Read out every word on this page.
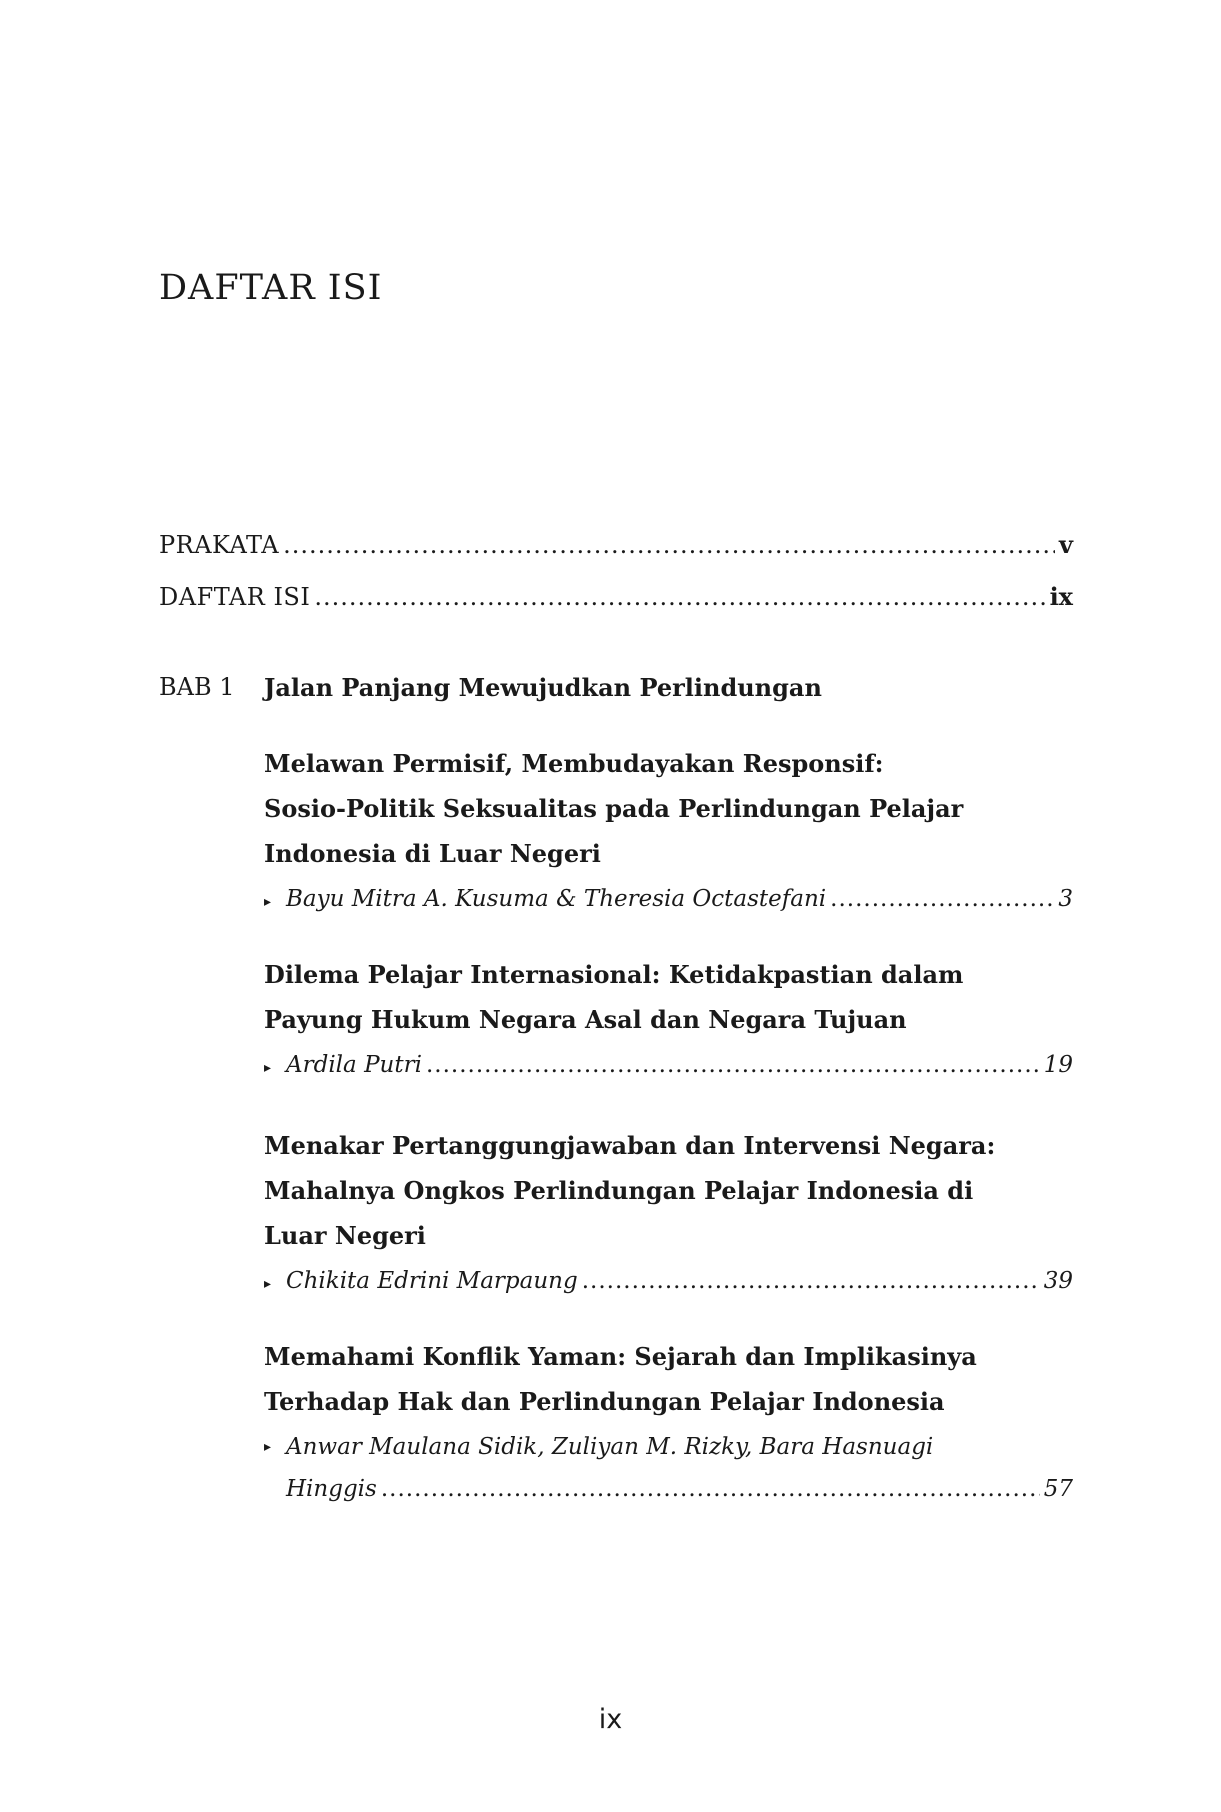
DAFTAR ISI
PRAKATA .....	v
DAFTAR ISI .....	ix
BAB 1	Jalan Panjang Mewujudkan Perlindungan

Melawan Permisif, Membudayakan Responsif:

Sosio-Politik Seksualitas pada Perlindungan Pelajar

Indonesia di Luar Negeri

▸ Bayu Mitra A. Kusuma & Theresia Octastefani .....	3

Dilema Pelajar Internasional: Ketidakpastian dalam

Payung Hukum Negara Asal dan Negara Tujuan

▸ Ardila Putri .....	19

Menakar Pertanggungjawaban dan Intervensi Negara:

Mahalnya Ongkos Perlindungan Pelajar Indonesia di

Luar Negeri

▸ Chikita Edrini Marpaung .....	39

Memahami Konflik Yaman: Sejarah dan Implikasinya

Terhadap Hak dan Perlindungan Pelajar Indonesia

▸ Anwar Maulana Sidik, Zuliyan M. Rizky, Bara Hasnuagi
Hinggis .....	57
ix
